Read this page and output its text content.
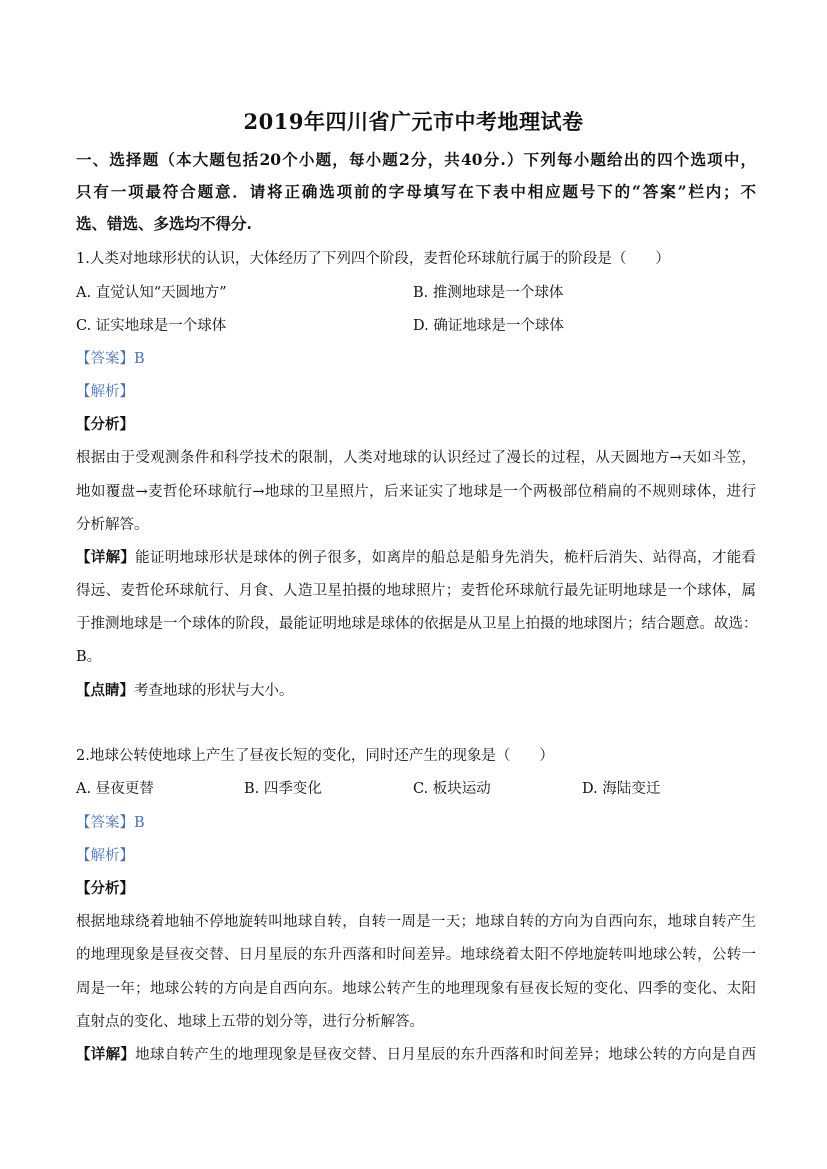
2019年四川省广元市中考地理试卷
一、选择题（本大题包括20个小题，每小题2分，共40分.）下列每小题给出的四个选项中，
只有一项最符合题意．请将正确选项前的字母填写在下表中相应题号下的“答案”栏内；不
选、错选、多选均不得分.
1.人类对地球形状的认识，大体经历了下列四个阶段，麦哲伦环球航行属于的阶段是（　　）
A. 直觉认知“天圆地方”	B. 推测地球是一个球体
C. 证实地球是一个球体	D. 确证地球是一个球体
【答案】B
【解析】
【分析】
根据由于受观测条件和科学技术的限制，人类对地球的认识经过了漫长的过程，从天圆地方→天如斗笠，
地如覆盘→麦哲伦环球航行→地球的卫星照片，后来证实了地球是一个两极部位稍扁的不规则球体，进行
分析解答。
【详解】能证明地球形状是球体的例子很多，如离岸的船总是船身先消失，桅杆后消失、站得高，才能看
得远、麦哲伦环球航行、月食、人造卫星拍摄的地球照片；麦哲伦环球航行最先证明地球是一个球体，属
于推测地球是一个球体的阶段，最能证明地球是球体的依据是从卫星上拍摄的地球图片；结合题意。故选：
B。
【点睛】考查地球的形状与大小。
2.地球公转使地球上产生了昼夜长短的变化，同时还产生的现象是（　　）
A. 昼夜更替	B. 四季变化	C. 板块运动	D. 海陆变迁
【答案】B
【解析】
【分析】
根据地球绕着地轴不停地旋转叫地球自转，自转一周是一天；地球自转的方向为自西向东，地球自转产生
的地理现象是昼夜交替、日月星辰的东升西落和时间差异。地球绕着太阳不停地旋转叫地球公转，公转一
周是一年；地球公转的方向是自西向东。地球公转产生的地理现象有昼夜长短的变化、四季的变化、太阳
直射点的变化、地球上五带的划分等，进行分析解答。
【详解】地球自转产生的地理现象是昼夜交替、日月星辰的东升西落和时间差异；地球公转的方向是自西
